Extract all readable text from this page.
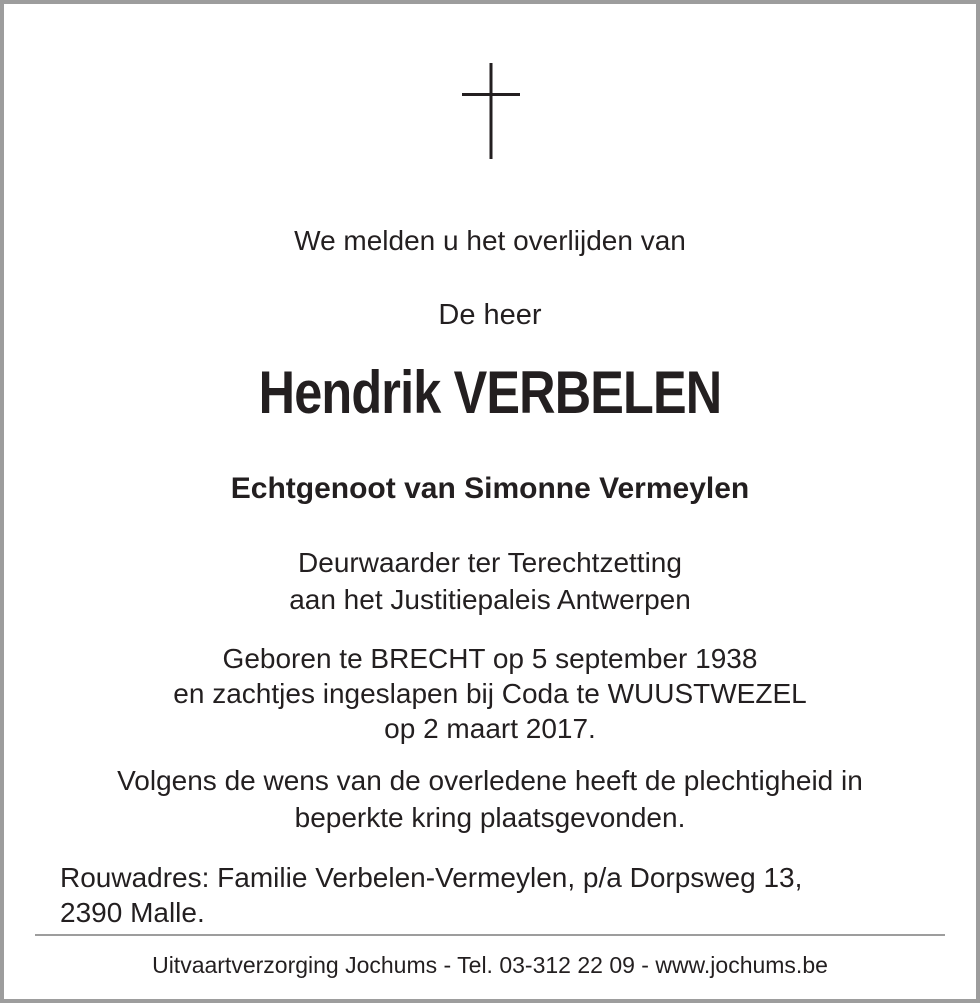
We melden u het overlijden van
De heer
Hendrik VERBELEN
Echtgenoot van Simonne Vermeylen
Deurwaarder ter Terechtzetting
aan het Justitiepaleis Antwerpen
Geboren te BRECHT op 5 september 1938
en zachtjes ingeslapen bij Coda te WUUSTWEZEL
op 2 maart 2017.
Volgens de wens van de overledene heeft de plechtigheid in
beperkte kring plaatsgevonden.
Rouwadres: Familie Verbelen-Vermeylen, p/a Dorpsweg 13,
2390 Malle.
Uitvaartverzorging Jochums - Tel. 03-312 22 09 - www.jochums.be
